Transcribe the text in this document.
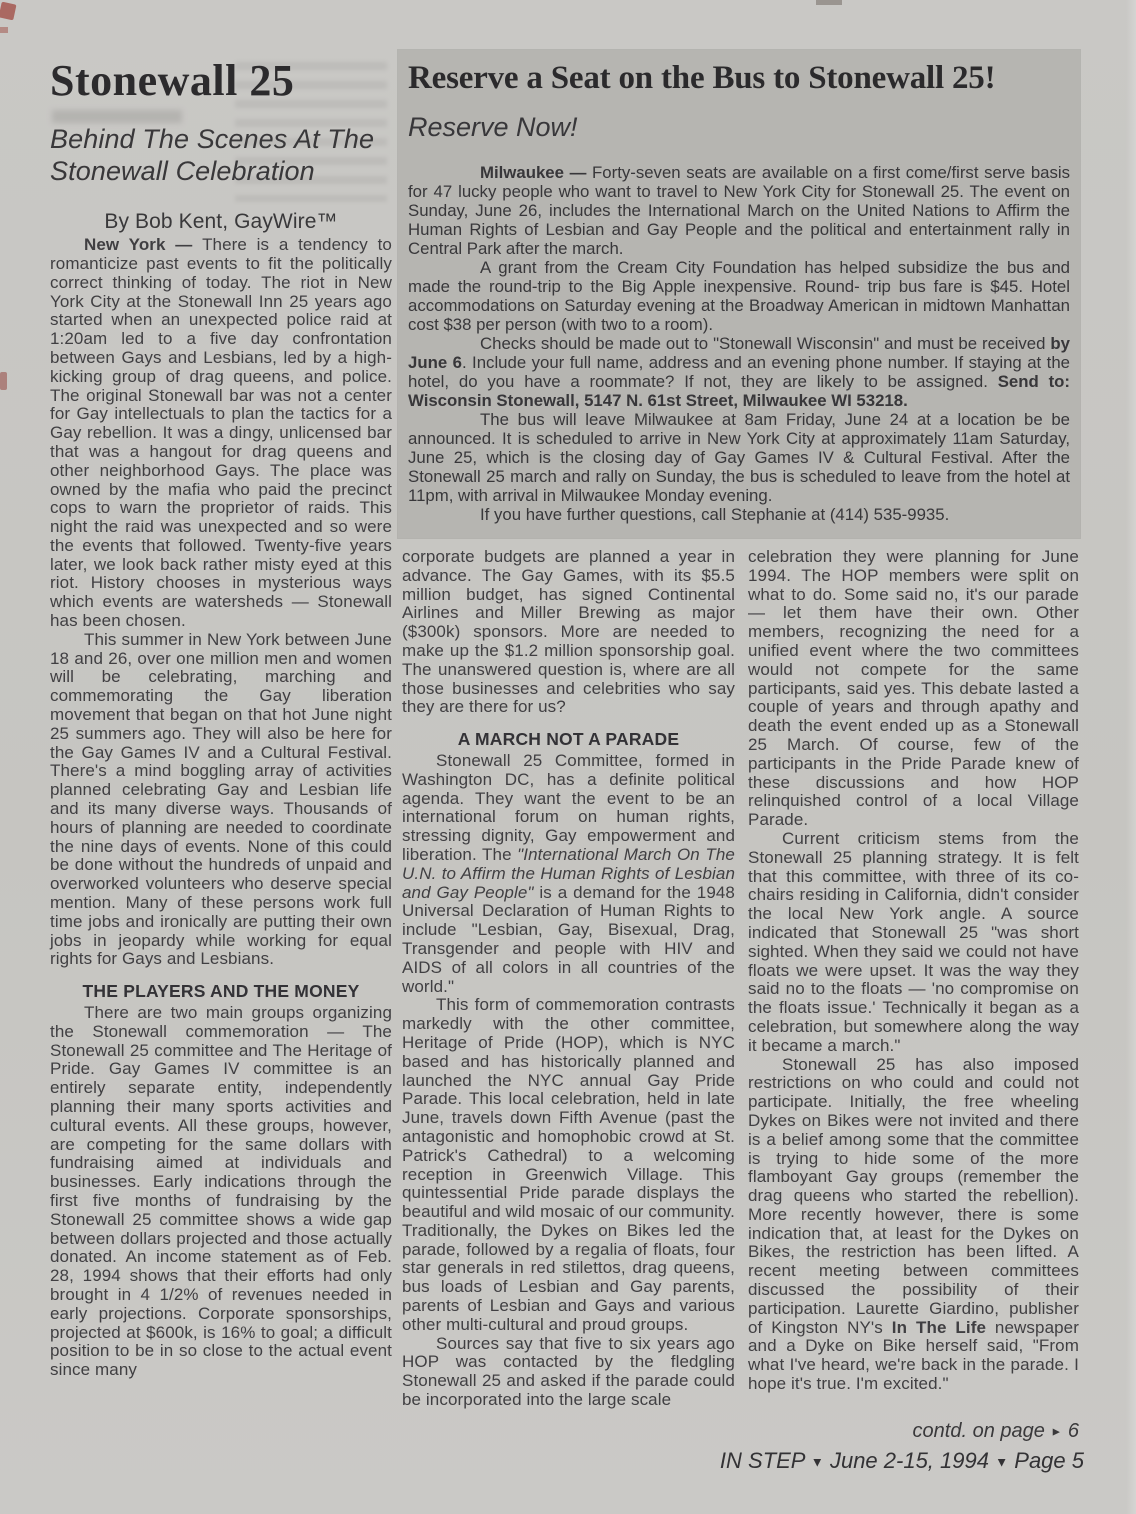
Stonewall 25
Behind The Scenes At The Stonewall Celebration
By Bob Kent, GayWire™

New York — There is a tendency to romanticize past events to fit the politically correct thinking of today. The riot in New York City at the Stonewall Inn 25 years ago started when an unexpected police raid at 1:20am led to a five day confrontation between Gays and Lesbians, led by a high-kicking group of drag queens, and police. The original Stonewall bar was not a center for Gay intellectuals to plan the tactics for a Gay rebellion. It was a dingy, unlicensed bar that was a hangout for drag queens and other neighborhood Gays. The place was owned by the mafia who paid the precinct cops to warn the proprietor of raids. This night the raid was unexpected and so were the events that followed. Twenty-five years later, we look back rather misty eyed at this riot. History chooses in mysterious ways which events are watersheds — Stonewall has been chosen.

This summer in New York between June 18 and 26, over one million men and women will be celebrating, marching and commemorating the Gay liberation movement that began on that hot June night 25 summers ago. They will also be here for the Gay Games IV and a Cultural Festival. There's a mind boggling array of activities planned celebrating Gay and Lesbian life and its many diverse ways. Thousands of hours of planning are needed to coordinate the nine days of events. None of this could be done without the hundreds of unpaid and overworked volunteers who deserve special mention. Many of these persons work full time jobs and ironically are putting their own jobs in jeopardy while working for equal rights for Gays and Lesbians.

THE PLAYERS AND THE MONEY

There are two main groups organizing the Stonewall commemoration — The Stonewall 25 committee and The Heritage of Pride. Gay Games IV committee is an entirely separate entity, independently planning their many sports activities and cultural events. All these groups, however, are competing for the same dollars with fundraising aimed at individuals and businesses. Early indications through the first five months of fundraising by the Stonewall 25 committee shows a wide gap between dollars projected and those actually donated. An income statement as of Feb. 28, 1994 shows that their efforts had only brought in 4 1/2% of revenues needed in early projections. Corporate sponsorships, projected at $600k, is 16% to goal; a difficult position to be in so close to the actual event since many

Reserve a Seat on the Bus to Stonewall 25!
Reserve Now!

Milwaukee — Forty-seven seats are available on a first come/first serve basis for 47 lucky people who want to travel to New York City for Stonewall 25. The event on Sunday, June 26, includes the International March on the United Nations to Affirm the Human Rights of Lesbian and Gay People and the political and entertainment rally in Central Park after the march.

A grant from the Cream City Foundation has helped subsidize the bus and made the round-trip to the Big Apple inexpensive. Round- trip bus fare is $45. Hotel accommodations on Saturday evening at the Broadway American in midtown Manhattan cost $38 per person (with two to a room).

Checks should be made out to "Stonewall Wisconsin" and must be received by June 6. Include your full name, address and an evening phone number. If staying at the hotel, do you have a roommate? If not, they are likely to be assigned. Send to: Wisconsin Stonewall, 5147 N. 61st Street, Milwaukee WI 53218.

The bus will leave Milwaukee at 8am Friday, June 24 at a location be be announced. It is scheduled to arrive in New York City at approximately 11am Saturday, June 25, which is the closing day of Gay Games IV & Cultural Festival. After the Stonewall 25 march and rally on Sunday, the bus is scheduled to leave from the hotel at 11pm, with arrival in Milwaukee Monday evening.

If you have further questions, call Stephanie at (414) 535-9935.

corporate budgets are planned a year in advance. The Gay Games, with its $5.5 million budget, has signed Continental Airlines and Miller Brewing as major ($300k) sponsors. More are needed to make up the $1.2 million sponsorship goal. The unanswered question is, where are all those businesses and celebrities who say they are there for us?

A MARCH NOT A PARADE

Stonewall 25 Committee, formed in Washington DC, has a definite political agenda. They want the event to be an international forum on human rights, stressing dignity, Gay empowerment and liberation. The "International March On The U.N. to Affirm the Human Rights of Lesbian and Gay People" is a demand for the 1948 Universal Declaration of Human Rights to include "Lesbian, Gay, Bisexual, Drag, Transgender and people with HIV and AIDS of all colors in all countries of the world."

This form of commemoration contrasts markedly with the other committee, Heritage of Pride (HOP), which is NYC based and has historically planned and launched the NYC annual Gay Pride Parade. This local celebration, held in late June, travels down Fifth Avenue (past the antagonistic and homophobic crowd at St. Patrick's Cathedral) to a welcoming reception in Greenwich Village. This quintessential Pride parade displays the beautiful and wild mosaic of our community. Traditionally, the Dykes on Bikes led the parade, followed by a regalia of floats, four star generals in red stilettos, drag queens, bus loads of Lesbian and Gay parents, parents of Lesbian and Gays and various other multi-cultural and proud groups.

Sources say that five to six years ago HOP was contacted by the fledgling Stonewall 25 and asked if the parade could be incorporated into the large scale

celebration they were planning for June 1994. The HOP members were split on what to do. Some said no, it's our parade — let them have their own. Other members, recognizing the need for a unified event where the two committees would not compete for the same participants, said yes. This debate lasted a couple of years and through apathy and death the event ended up as a Stonewall 25 March. Of course, few of the participants in the Pride Parade knew of these discussions and how HOP relinquished control of a local Village Parade.

Current criticism stems from the Stonewall 25 planning strategy. It is felt that this committee, with three of its co-chairs residing in California, didn't consider the local New York angle. A source indicated that Stonewall 25 "was short sighted. When they said we could not have floats we were upset. It was the way they said no to the floats — 'no compromise on the floats issue.' Technically it began as a celebration, but somewhere along the way it became a march."

Stonewall 25 has also imposed restrictions on who could and could not participate. Initially, the free wheeling Dykes on Bikes were not invited and there is a belief among some that the committee is trying to hide some of the more flamboyant Gay groups (remember the drag queens who started the rebellion). More recently however, there is some indication that, at least for the Dykes on Bikes, the restriction has been lifted. A recent meeting between committees discussed the possibility of their participation. Laurette Giardino, publisher of Kingston NY's In The Life newspaper and a Dyke on Bike herself said, "From what I've heard, we're back in the parade. I hope it's true. I'm excited."

contd. on page ► 6
IN STEP ▼ June 2-15, 1994 ▼ Page 5
